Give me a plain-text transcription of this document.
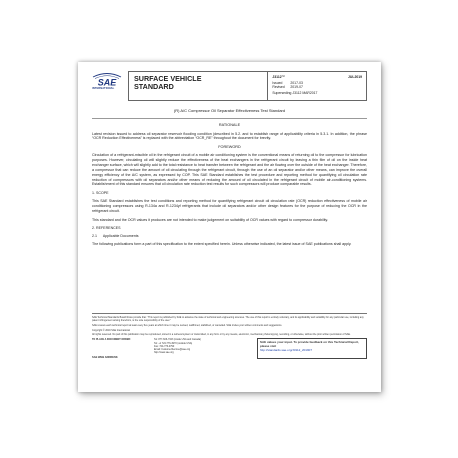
SAE
INTERNATIONAL
SURFACE VEHICLE
STANDARD
J3112™	JUL2019
Issued	2017-03
Revised	2019-07
Superseding J3112 MAR2017
(R) A/C Compressor Oil Separator Effectiveness Test Standard
RATIONALE

Latest revision issued to address oil separator reservoir flooding condition (described in 5.2. and to establish range of applicability criteria in 5.3.1. In addition, the phrase “OCR Reduction Effectiveness” is replaced with the abbreviation “OCR_RE” throughout the document for brevity.

FOREWORD

Circulation of a refrigerant-miscible oil in the refrigerant circuit of a mobile air conditioning system is the conventional means of returning oil to the compressor for lubrication purposes. However, circulating oil will slightly reduce the effectiveness of the heat exchangers in the refrigerant circuit by leaving a thin film of oil on the inside heat exchanger surface, which will slightly add to the total resistance to heat transfer between the refrigerant and the air flowing over the outside of the heat exchanger. Therefore, a compressor that can reduce the amount of oil circulating through the refrigerant circuit, through the use of an oil separator and/or other means, can improve the overall energy efficiency of the A/C system, as expressed by COP. This SAE Standard establishes the test procedure and reporting method for quantifying oil circulation rate reduction of compressors with oil separators and/or other means of reducing the amount of oil circulated in the refrigerant circuit of mobile air-conditioning systems. Establishment of this standard ensures that oil circulation rate reduction test results for such compressors will produce comparable results.

1. SCOPE

This SAE Standard establishes the test conditions and reporting method for quantifying refrigerant circuit oil circulation rate (OCR) reduction effectiveness of mobile air conditioning compressors using R-134a and R-1234yf refrigerants that include oil separators and/or other design features for the purpose of reducing the OCR in the refrigerant circuit.

This standard and the OCR values it produces are not intended to make judgement on suitability of OCR values with regard to compressor durability.

2. REFERENCES
2.1 Applicable Documents

The following publications form a part of this specification to the extent specified herein. Unless otherwise indicated, the latest issue of SAE publications shall apply.

SAE Technical Standards Board Rules provide that: “This report is published by SAE to advance the state of technical and engineering sciences. The use of this report is entirely voluntary, and its applicability and suitability for any particular use, including any patent infringement arising therefrom, is the sole responsibility of the user.”

SAE reviews each technical report at least every five years at which time it may be revised, reaffirmed, stabilized, or cancelled. SAE invites your written comments and suggestions.

Copyright © 2019 SAE International

All rights reserved. No part of this publication may be reproduced, stored in a retrieval system or transmitted, in any form or by any means, electronic, mechanical, photocopying, recording, or otherwise, without the prior written permission of SAE.

TO PLACE A DOCUMENT ORDER:	Tel: 877-606-7323 (inside USA and Canada)
Tel: +1 724-776-4970 (outside USA)
Fax: 724-776-0790
Email: CustomerService@sae.org
http://www.sae.org
SAE WEB ADDRESS:
SAE values your input. To provide feedback on this Technical Report, please visit
http://standards.sae.org/J3112_201907
